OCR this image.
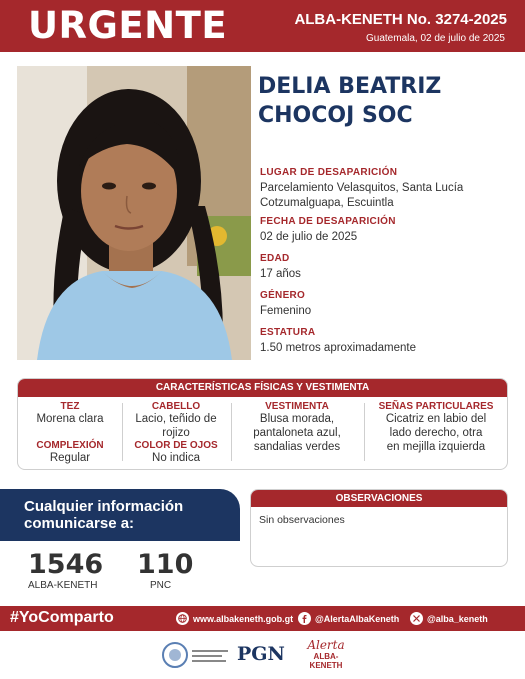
URGENTE	ALBA-KENETH No. 3274-2025
Guatemala, 02 de julio de 2025
DELIA BEATRIZ
CHOCOJ SOC
LUGAR DE DESAPARICIÓN
Parcelamiento Velasquitos, Santa Lucía Cotzumalguapa, Escuintla
FECHA DE DESAPARICIÓN
02 de julio de 2025
EDAD
17 años
GÉNERO
Femenino
ESTATURA
1.50 metros aproximadamente
CARACTERÍSTICAS FÍSICAS Y VESTIMENTA
TEZ
Morena clara
COMPLEXIÓN
Regular
CABELLO
Lacio, teñido de
rojizo
COLOR DE OJOS
No indica
VESTIMENTA
Blusa morada,
pantaloneta azul,
sandalias verdes
SEÑAS PARTICULARES
Cicatriz en labio del
lado derecho, otra
en mejilla izquierda
Cualquier información
comunicarse a:
1546
ALBA-KENETH
110
PNC
OBSERVACIONES
Sin observaciones
#YoComparto	www.albakeneth.gob.gt @AlertaAlbaKeneth	@alba_keneth
PGN	Alerta
ALBA-KENETH
